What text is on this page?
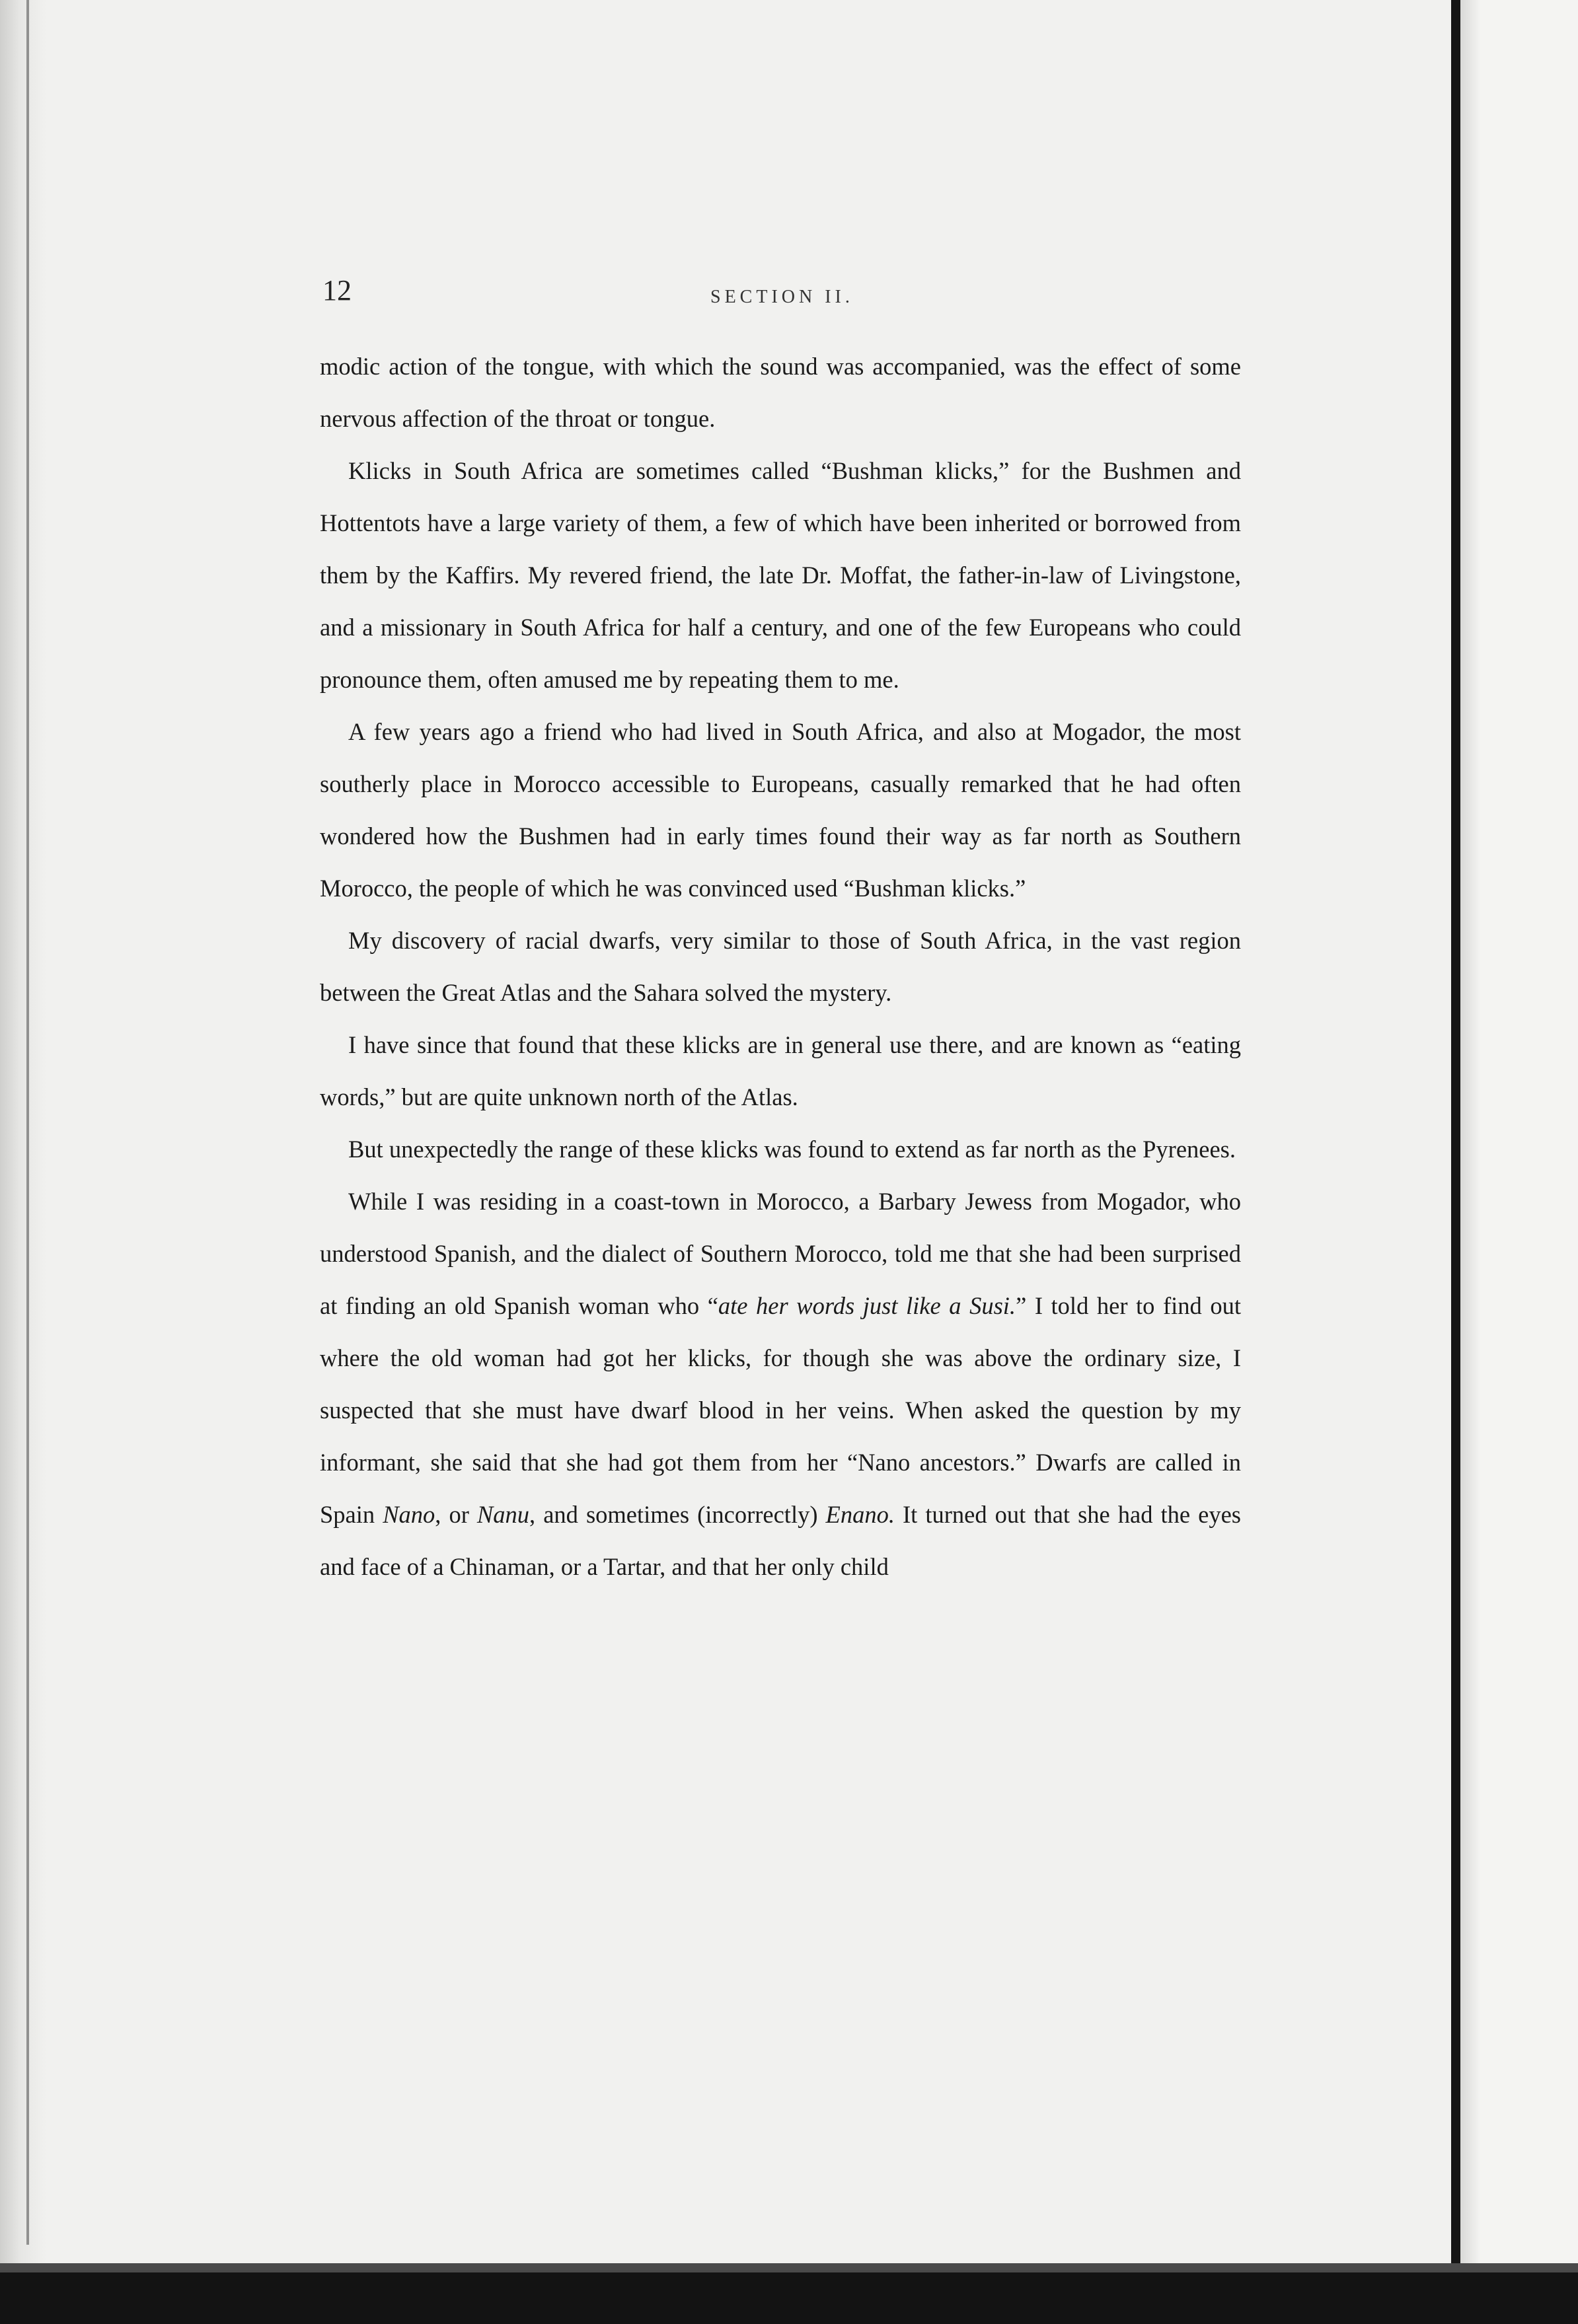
12	SECTION II.

modic action of the tongue, with which the sound was accompanied, was the effect of some nervous affection of the throat or tongue.

Klicks in South Africa are sometimes called “Bushman klicks,” for the Bushmen and Hottentots have a large variety of them, a few of which have been inherited or borrowed from them by the Kaffirs. My revered friend, the late Dr. Moffat, the father-in-law of Livingstone, and a missionary in South Africa for half a century, and one of the few Europeans who could pronounce them, often amused me by repeating them to me.

A few years ago a friend who had lived in South Africa, and also at Mogador, the most southerly place in Morocco accessible to Europeans, casually remarked that he had often wondered how the Bushmen had in early times found their way as far north as Southern Morocco, the people of which he was convinced used “Bushman klicks.”

My discovery of racial dwarfs, very similar to those of South Africa, in the vast region between the Great Atlas and the Sahara solved the mystery.

I have since that found that these klicks are in general use there, and are known as “eating words,” but are quite unknown north of the Atlas.

But unexpectedly the range of these klicks was found to extend as far north as the Pyrenees.

While I was residing in a coast-town in Morocco, a Barbary Jewess from Mogador, who understood Spanish, and the dialect of Southern Morocco, told me that she had been surprised at finding an old Spanish woman who “ate her words just like a Susi.” I told her to find out where the old woman had got her klicks, for though she was above the ordinary size, I suspected that she must have dwarf blood in her veins. When asked the question by my informant, she said that she had got them from her “Nano ancestors.” Dwarfs are called in Spain Nano, or Nanu, and sometimes (incorrectly) Enano. It turned out that she had the eyes and face of a Chinaman, or a Tartar, and that her only child
